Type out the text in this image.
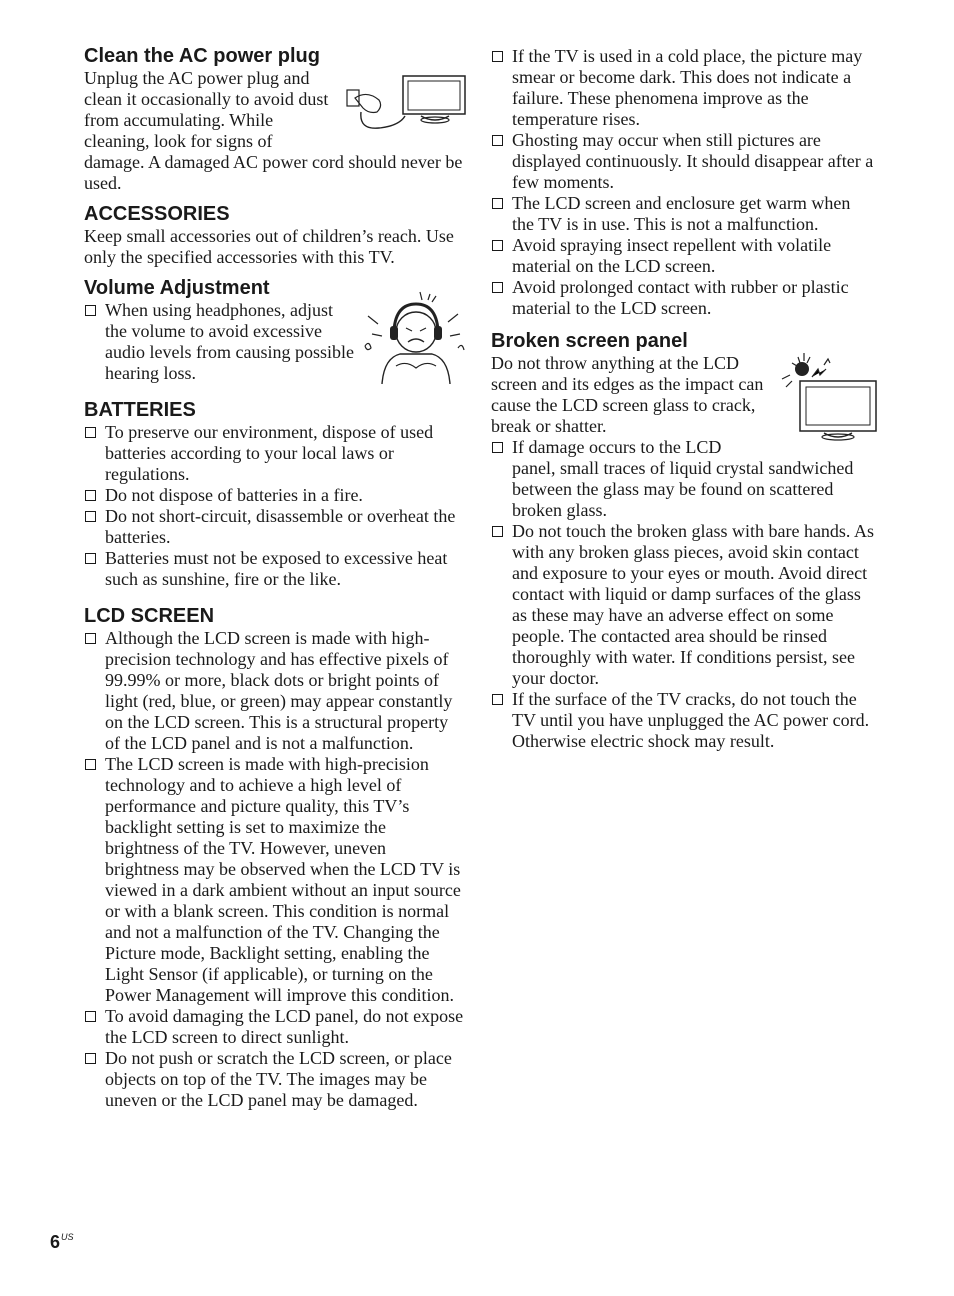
Clean the AC power plug

Unplug the AC power plug and clean it occasionally to avoid dust from accumulating. While cleaning, look for signs of damage. A damaged AC power cord should never be used.

ACCESSORIES

Keep small accessories out of children’s reach. Use only the specified accessories with this TV.

Volume Adjustment
When using headphones, adjust the volume to avoid excessive audio levels from causing possible hearing loss.
BATTERIES
To preserve our environment, dispose of used batteries according to your local laws or regulations.
Do not dispose of batteries in a fire.
Do not short-circuit, disassemble or overheat the batteries.
Batteries must not be exposed to excessive heat such as sunshine, fire or the like.
LCD SCREEN
Although the LCD screen is made with high-precision technology and has effective pixels of 99.99% or more, black dots or bright points of light (red, blue, or green) may appear constantly on the LCD screen. This is a structural property of the LCD panel and is not a malfunction.
The LCD screen is made with high-precision technology and to achieve a high level of performance and picture quality, this TV’s backlight setting is set to maximize the brightness of the TV. However, uneven brightness may be observed when the LCD TV is viewed in a dark ambient without an input source or with a blank screen. This condition is normal and not a malfunction of the TV. Changing the Picture mode, Backlight setting, enabling the Light Sensor (if applicable), or turning on the Power Management will improve this condition.
To avoid damaging the LCD panel, do not expose the LCD screen to direct sunlight.
Do not push or scratch the LCD screen, or place objects on top of the TV. The images may be uneven or the LCD panel may be damaged.
If the TV is used in a cold place, the picture may smear or become dark. This does not indicate a failure. These phenomena improve as the temperature rises.
Ghosting may occur when still pictures are displayed continuously. It should disappear after a few moments.
The LCD screen and enclosure get warm when the TV is in use. This is not a malfunction.
Avoid spraying insect repellent with volatile material on the LCD screen.
Avoid prolonged contact with rubber or plastic material to the LCD screen.
Broken screen panel

Do not throw anything at the LCD screen and its edges as the impact can cause the LCD screen glass to crack, break or shatter.

If damage occurs to the LCD panel, small traces of liquid crystal sandwiched between the glass may be found on scattered broken glass.
Do not touch the broken glass with bare hands. As with any broken glass pieces, avoid skin contact and exposure to your eyes or mouth. Avoid direct contact with liquid or damp surfaces of the glass as these may have an adverse effect on some people. The contacted area should be rinsed thoroughly with water. If conditions persist, see your doctor.
If the surface of the TV cracks, do not touch the TV until you have unplugged the AC power cord. Otherwise electric shock may result.
$6^{US}$
